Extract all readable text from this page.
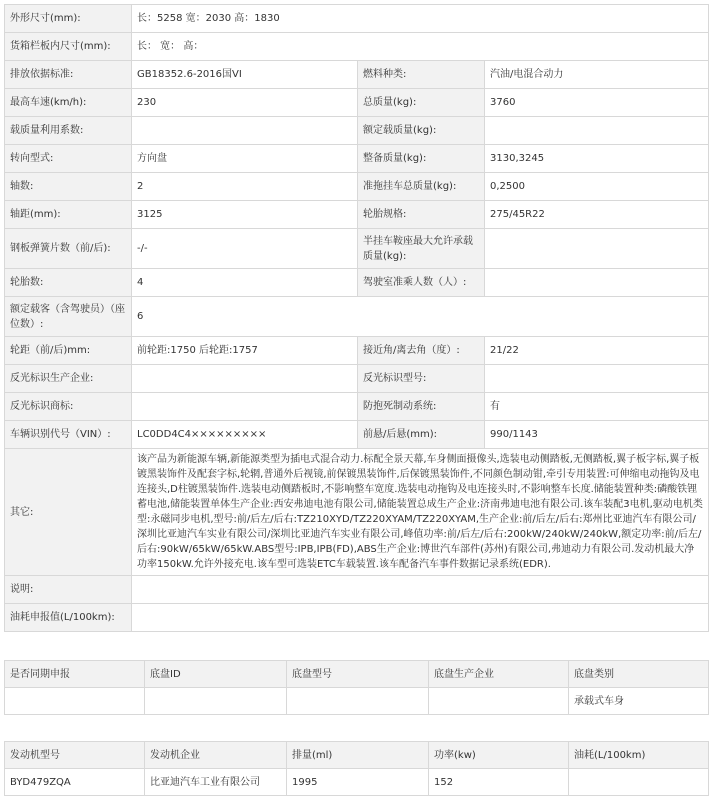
外形尺寸(mm):	长：5258 宽：2030 高：1830		
货箱栏板内尺寸(mm):	长： 宽： 高：		
排放依据标准:	GB18352.6-2016国VI	燃料种类:	汽油/电混合动力
最高车速(km/h):	230	总质量(kg):	3760
载质量利用系数:		额定载质量(kg):	
转向型式:	方向盘	整备质量(kg):	3130,3245
轴数:	2	准拖挂车总质量(kg):	0,2500
轴距(mm):	3125	轮胎规格:	275/45R22
钢板弹簧片数（前/后):	-/-	半挂车鞍座最大允许承载质量(kg):	
轮胎数:	4	驾驶室准乘人数（人）:	
额定载客（含驾驶员）（座位数）:	6		
轮距（前/后)mm:	前轮距:1750 后轮距:1757	接近角/离去角（度）:	21/22
反光标识生产企业:		反光标识型号:	
反光标识商标:		防抱死制动系统:	有
车辆识别代号（VIN）:	LC0DD4C4×××××××××	前悬/后悬(mm):	990/1143
其它:	该产品为新能源车辆,新能源类型为插电式混合动力.标配全景天幕,车身侧面摄像头,选装电动侧踏板,无侧踏板,翼子板字标,翼子板镀黑装饰件及配套字标,轮辋,普通外后视镜,前保镀黑装饰件,后保镀黑装饰件,不同颜色制动钳,牵引专用装置:可伸缩电动拖钩及电连接头,D柱镀黑装饰件.选装电动侧踏板时,不影响整车宽度.选装电动拖钩及电连接头时,不影响整车长度.储能装置种类:磷酸铁锂蓄电池,储能装置单体生产企业:西安弗迪电池有限公司,储能装置总成生产企业:济南弗迪电池有限公司.该车装配3电机,驱动电机类型:永磁同步电机,型号:前/后左/后右:TZ210XYD/TZ220XYAM/TZ220XYAM,生产企业:前/后左/后右:郑州比亚迪汽车有限公司/深圳比亚迪汽车实业有限公司/深圳比亚迪汽车实业有限公司,峰值功率:前/后左/后右:200kW/240kW/240kW,额定功率:前/后左/后右:90kW/65kW/65kW.ABS型号:IPB,IPB(FD),ABS生产企业:博世汽车部件(苏州)有限公司,弗迪动力有限公司.发动机最大净功率150kW.允许外接充电.该车型可选装ETC车载装置.该车配备汽车事件数据记录系统(EDR).		
说明:			
油耗申报值(L/100km):			
是否同期申报	底盘ID	底盘型号	底盘生产企业	底盘类别
				承载式车身
发动机型号	发动机企业	排量(ml)	功率(kw)	油耗(L/100km)
BYD479ZQA	比亚迪汽车工业有限公司	1995	152	
